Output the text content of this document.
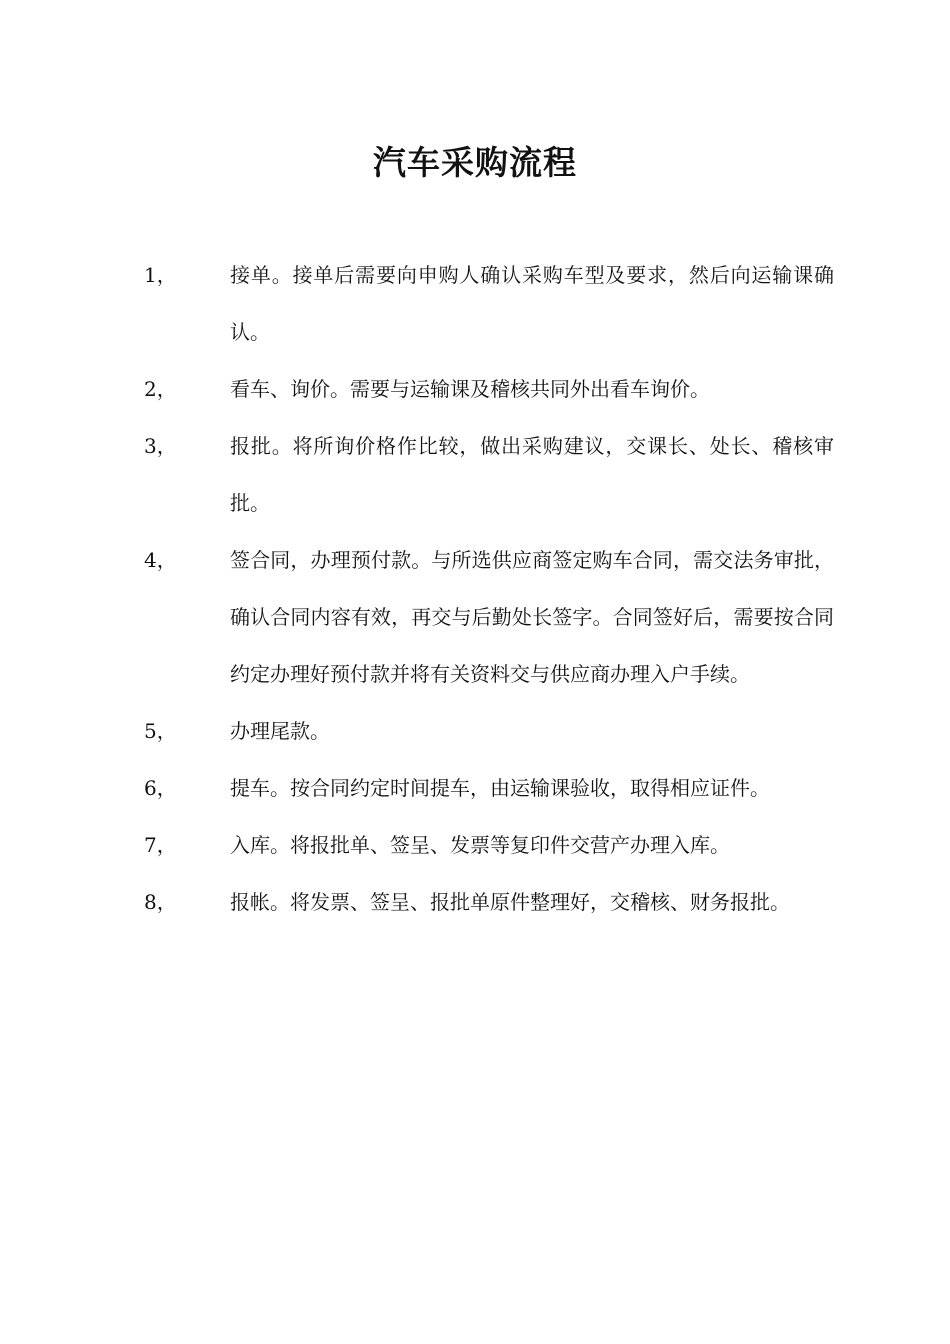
汽车采购流程
1，	接单。接单后需要向申购人确认采购车型及要求，然后向运输课确认。
2，	看车、询价。需要与运输课及稽核共同外出看车询价。
3，	报批。将所询价格作比较，做出采购建议，交课长、处长、稽核审批。
4，	签合同，办理预付款。与所选供应商签定购车合同，需交法务审批，确认合同内容有效，再交与后勤处长签字。合同签好后，需要按合同约定办理好预付款并将有关资料交与供应商办理入户手续。
5，	办理尾款。
6，	提车。按合同约定时间提车，由运输课验收，取得相应证件。
7，	入库。将报批单、签呈、发票等复印件交营产办理入库。
8，	报帐。将发票、签呈、报批单原件整理好，交稽核、财务报批。
